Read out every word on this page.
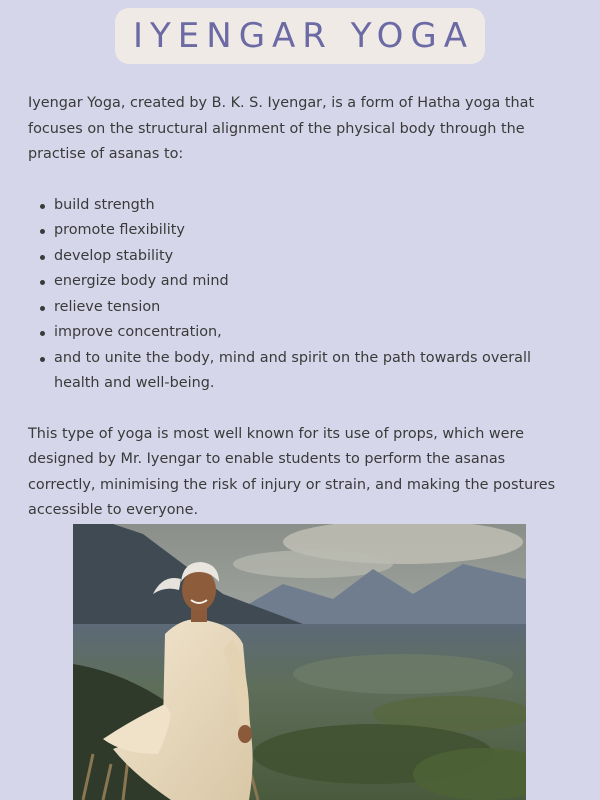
IYENGAR YOGA

Iyengar Yoga, created by B. K. S. Iyengar, is a form of Hatha yoga that focuses on the structural alignment of the physical body through the practise of asanas to:

build strength
promote flexibility
develop stability
energize body and mind
relieve tension
improve concentration,
and to unite the body, mind and spirit on the path towards overall health and well-being.

This type of yoga is most well known for its use of props, which were designed by Mr. Iyengar to enable students to perform the asanas correctly, minimising the risk of injury or strain, and making the postures accessible to everyone.
